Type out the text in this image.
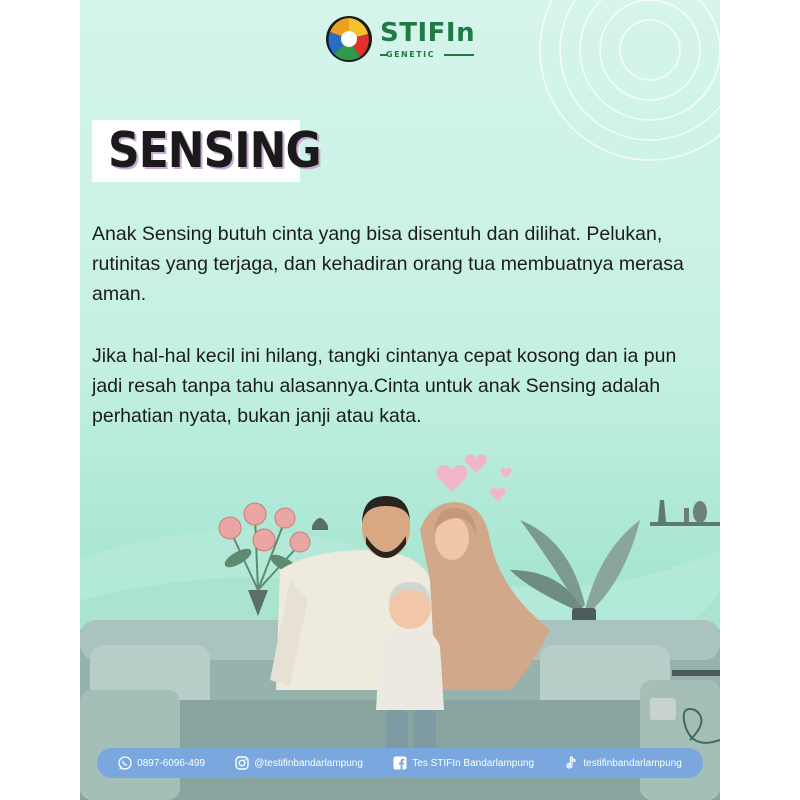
STIFIn
GENETIC
SENSING
Anak Sensing butuh cinta yang bisa disentuh dan dilihat. Pelukan, rutinitas yang terjaga, dan kehadiran orang tua membuatnya merasa aman.
Jika hal-hal kecil ini hilang, tangki cintanya cepat kosong dan ia pun jadi resah tanpa tahu alasannya.Cinta untuk anak Sensing adalah perhatian nyata, bukan janji atau kata.
0897-6096-499	@testifinbandarlampung	Tes STIFIn Bandarlampung	testifinbandarlampung
